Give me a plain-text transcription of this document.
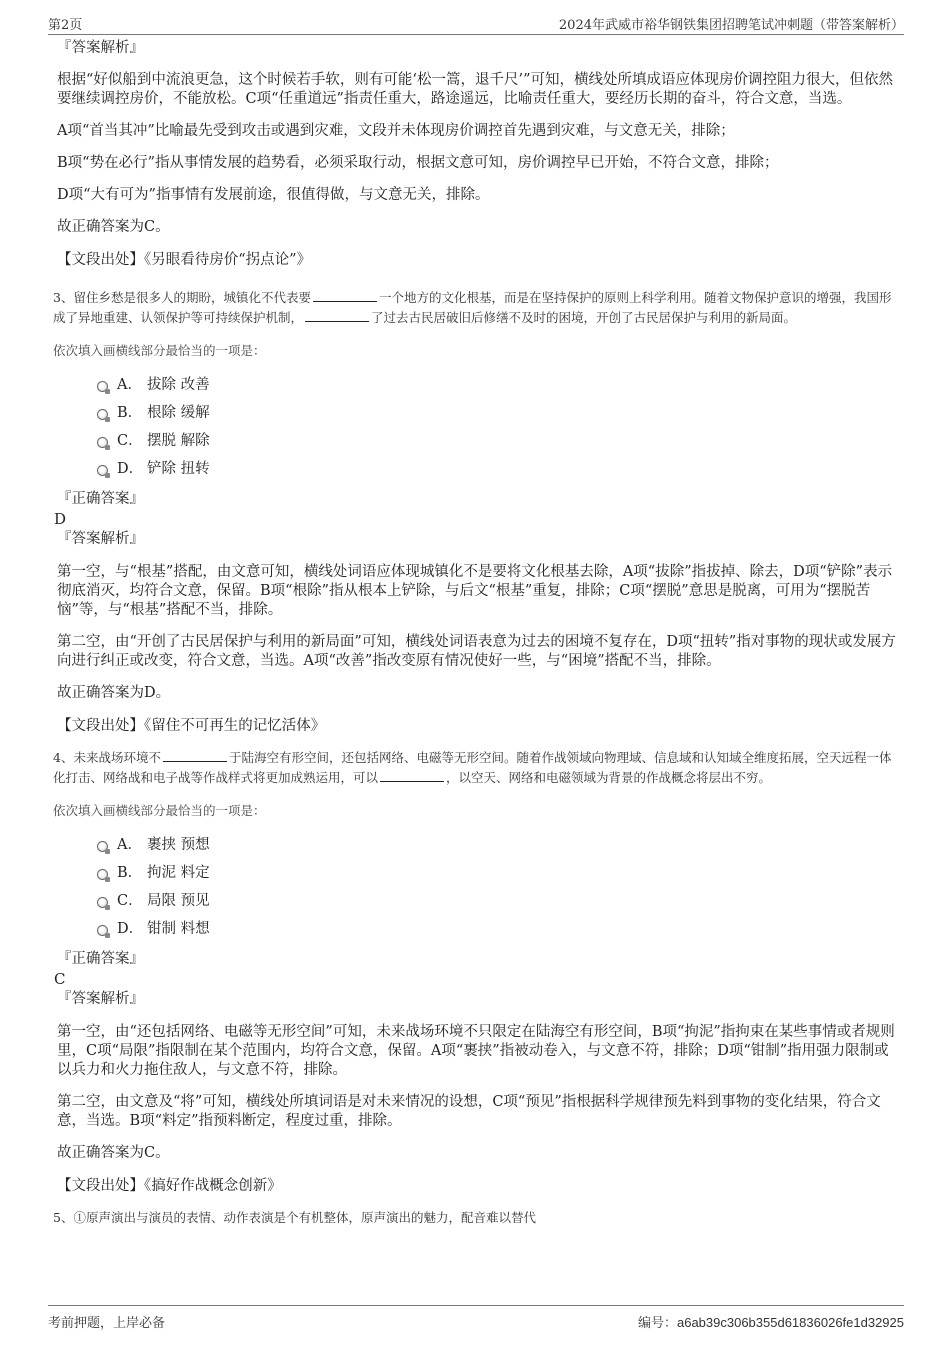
第2页	2024年武威市裕华钢铁集团招聘笔试冲刺题（带答案解析）

『答案解析』

根据“好似船到中流浪更急，这个时候若手软，则有可能‘松一篙，退千尺’”可知，横线处所填成语应体现房价调控阻力很大，但依然要继续调控房价，不能放松。C项“任重道远”指责任重大，路途遥远，比喻责任重大，要经历长期的奋斗，符合文意，当选。

A项“首当其冲”比喻最先受到攻击或遇到灾难，文段并未体现房价调控首先遇到灾难，与文意无关，排除；

B项“势在必行”指从事情发展的趋势看，必须采取行动，根据文意可知，房价调控早已开始，不符合文意，排除；

D项“大有可为”指事情有发展前途，很值得做，与文意无关，排除。

故正确答案为C。

【文段出处】《另眼看待房价“拐点论”》

3、留住乡愁是很多人的期盼，城镇化不代表要	一个地方的文化根基，而是在坚持保护的原则上科学利用。随着文物保护意识的增强，我国形成了异地重建、认领保护等可持续保护机制，	了过去古民居破旧后修缮不及时的困境，开创了古民居保护与利用的新局面。

依次填入画横线部分最恰当的一项是：

A． 拔除 改善
B． 根除 缓解
C． 摆脱 解除
D． 铲除 扭转

『正确答案』

D

『答案解析』

第一空，与“根基”搭配，由文意可知，横线处词语应体现城镇化不是要将文化根基去除，A项“拔除”指拔掉、除去，D项“铲除”表示彻底消灭，均符合文意，保留。B项“根除”指从根本上铲除，与后文“根基”重复，排除；C项“摆脱”意思是脱离，可用为“摆脱苦恼”等，与“根基”搭配不当，排除。

第二空，由“开创了古民居保护与利用的新局面”可知，横线处词语表意为过去的困境不复存在，D项“扭转”指对事物的现状或发展方向进行纠正或改变，符合文意，当选。A项“改善”指改变原有情况使好一些，与“困境”搭配不当，排除。

故正确答案为D。

【文段出处】《留住不可再生的记忆活体》

4、未来战场环境不	于陆海空有形空间，还包括网络、电磁等无形空间。随着作战领域向物理域、信息域和认知域全维度拓展，空天远程一体化打击、网络战和电子战等作战样式将更加成熟运用，可以	，以空天、网络和电磁领域为背景的作战概念将层出不穷。

依次填入画横线部分最恰当的一项是：

A． 裹挟 预想
B． 拘泥 料定
C． 局限 预见
D． 钳制 料想

『正确答案』

C

『答案解析』

第一空，由“还包括网络、电磁等无形空间”可知，未来战场环境不只限定在陆海空有形空间，B项“拘泥”指拘束在某些事情或者规则里，C项“局限”指限制在某个范围内，均符合文意，保留。A项“裹挟”指被动卷入，与文意不符，排除；D项“钳制”指用强力限制或以兵力和火力拖住敌人，与文意不符，排除。

第二空，由文意及“将”可知，横线处所填词语是对未来情况的设想，C项“预见”指根据科学规律预先料到事物的变化结果，符合文意，当选。B项“料定”指预料断定，程度过重，排除。

故正确答案为C。

【文段出处】《搞好作战概念创新》

5、①原声演出与演员的表情、动作表演是个有机整体，原声演出的魅力，配音难以替代

考前押题，上岸必备	编号：a6ab39c306b355d61836026fe1d32925
